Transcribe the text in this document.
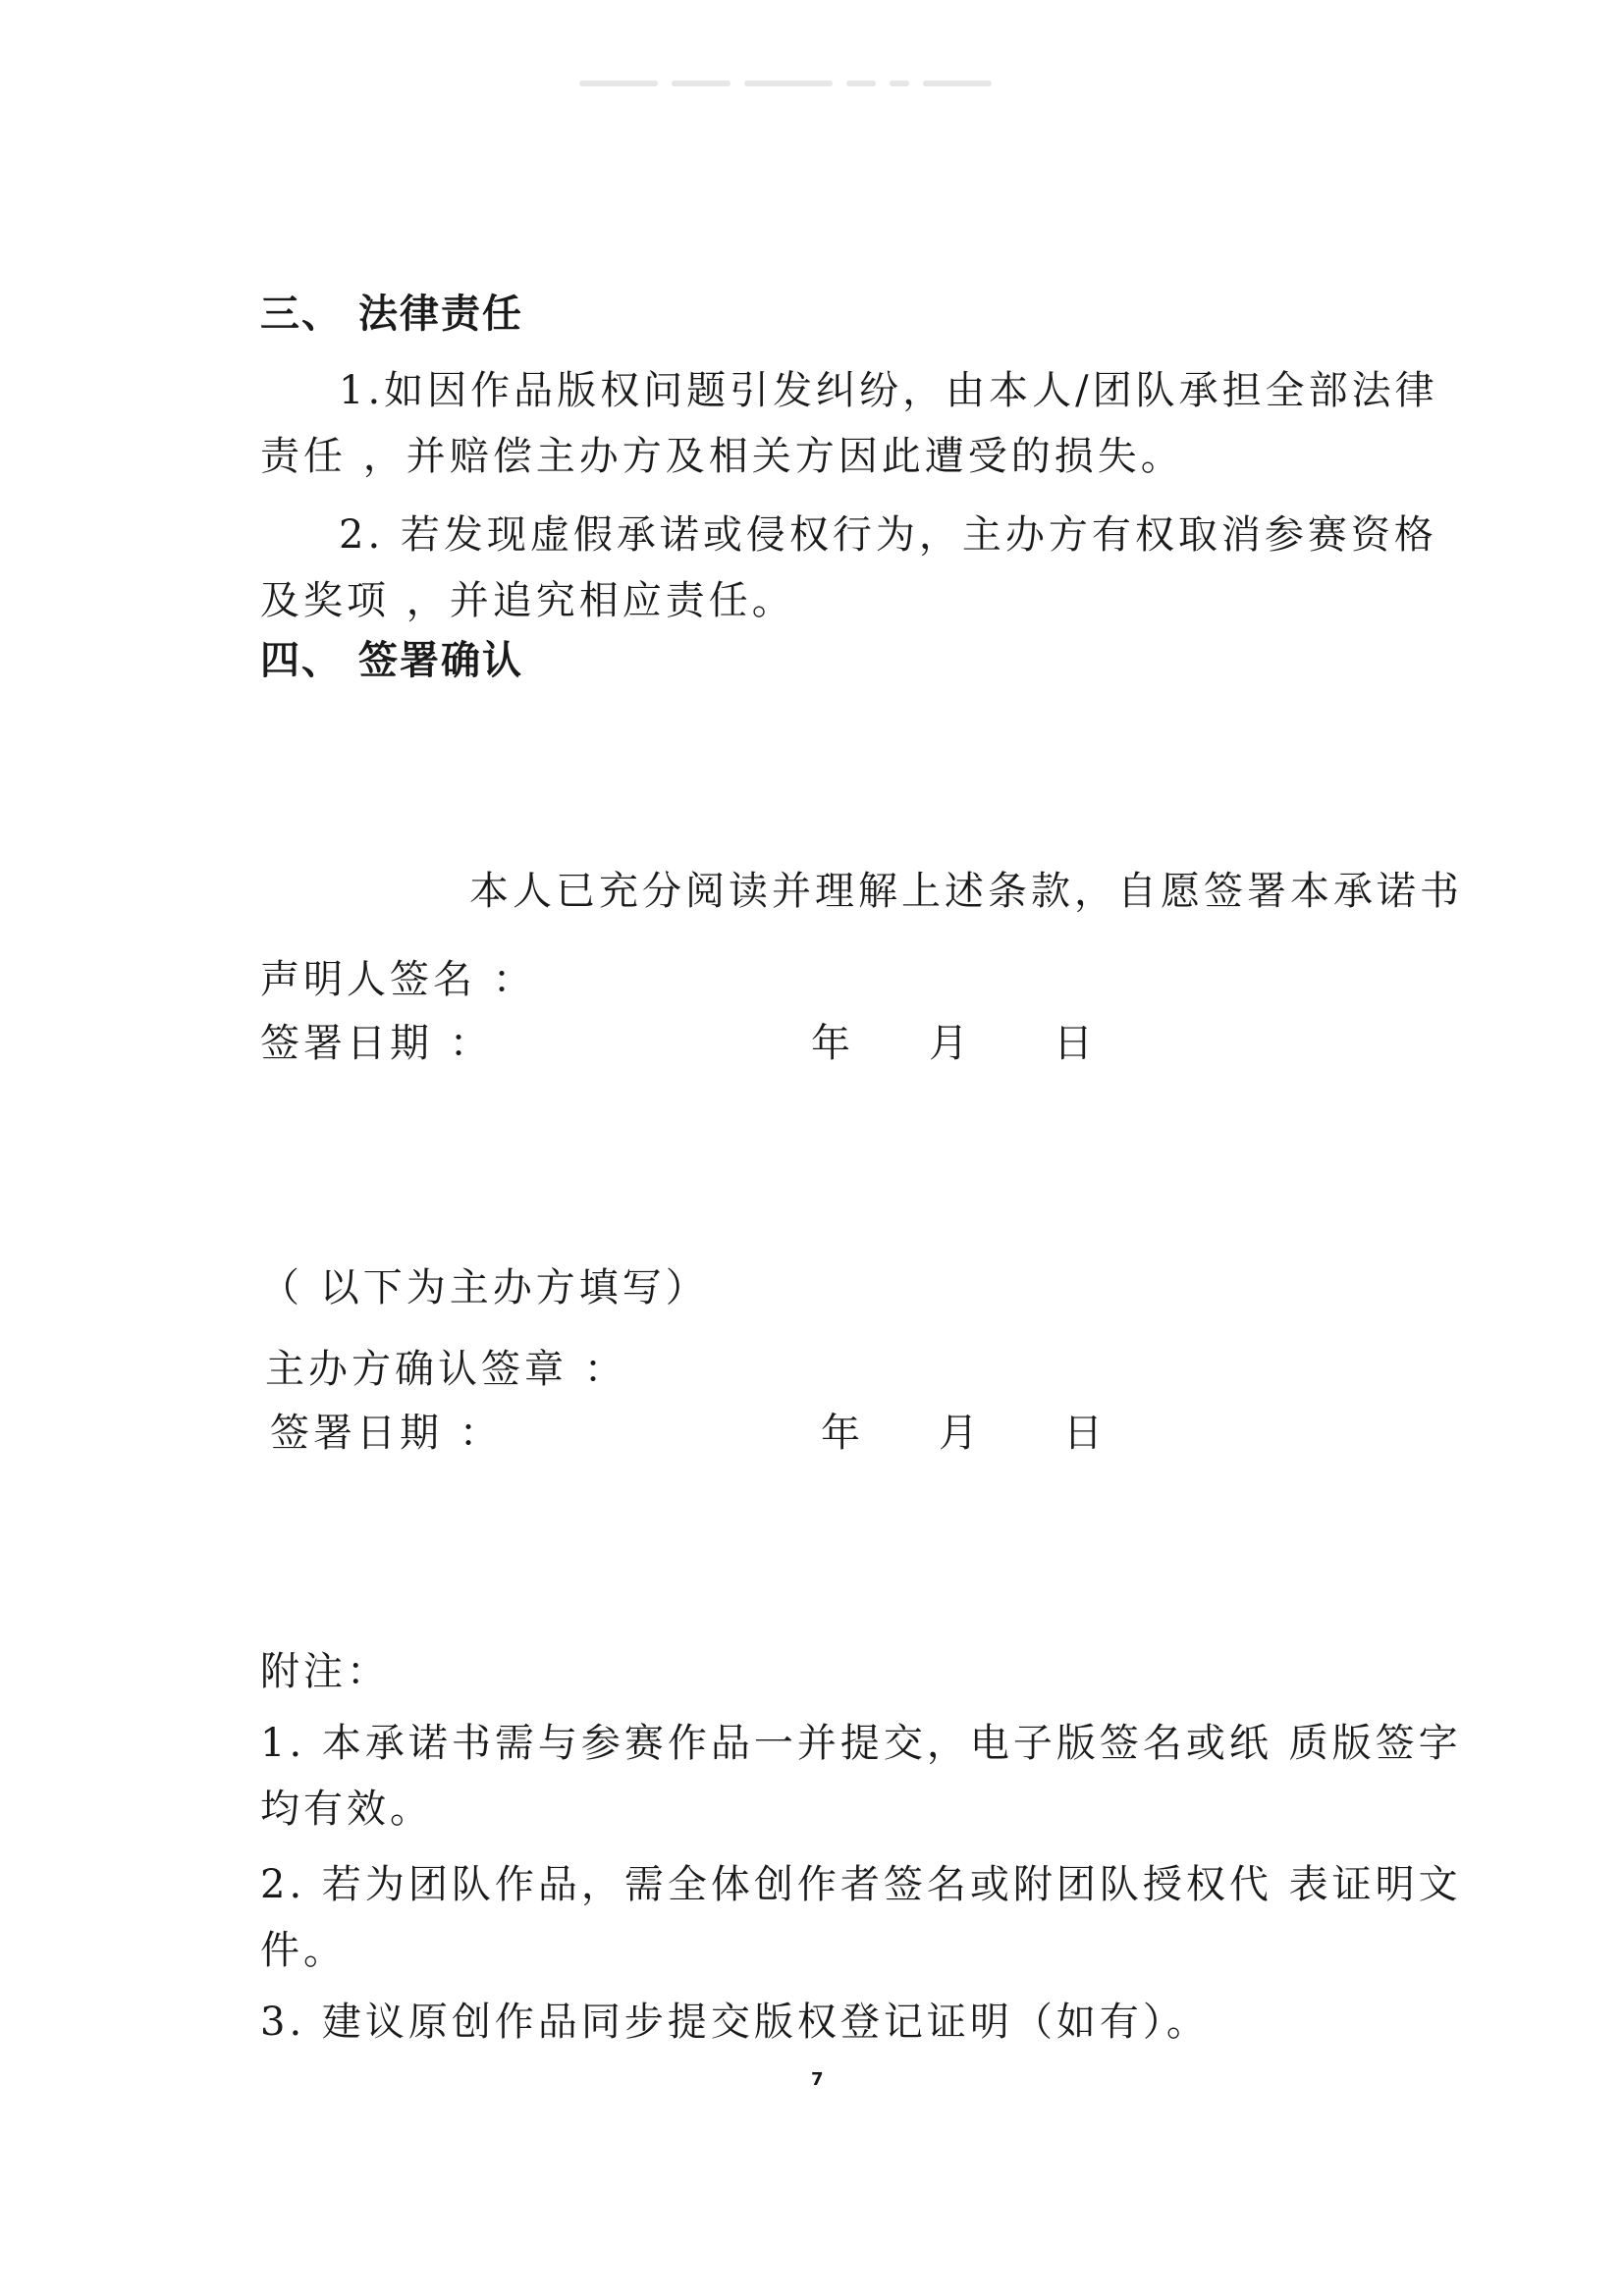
三、 法律责任
1.如因作品版权问题引发纠纷，由本人/团队承担全部法律
责任 ，并赔偿主办方及相关方因此遭受的损失。
2. 若发现虚假承诺或侵权行为，主办方有权取消参赛资格
及奖项 ，并追究相应责任。
四、 签署确认
本人已充分阅读并理解上述条款，自愿签署本承诺书
声明人签名 ：
签署日期 ：	年 月 日
（ 以下为主办方填写）
主办方确认签章 ：
签署日期 ：	年 月 日
附注：
1. 本承诺书需与参赛作品一并提交，电子版签名或纸 质版签字
均有效。
2. 若为团队作品，需全体创作者签名或附团队授权代 表证明文
件。
3. 建议原创作品同步提交版权登记证明（如有）。
7
